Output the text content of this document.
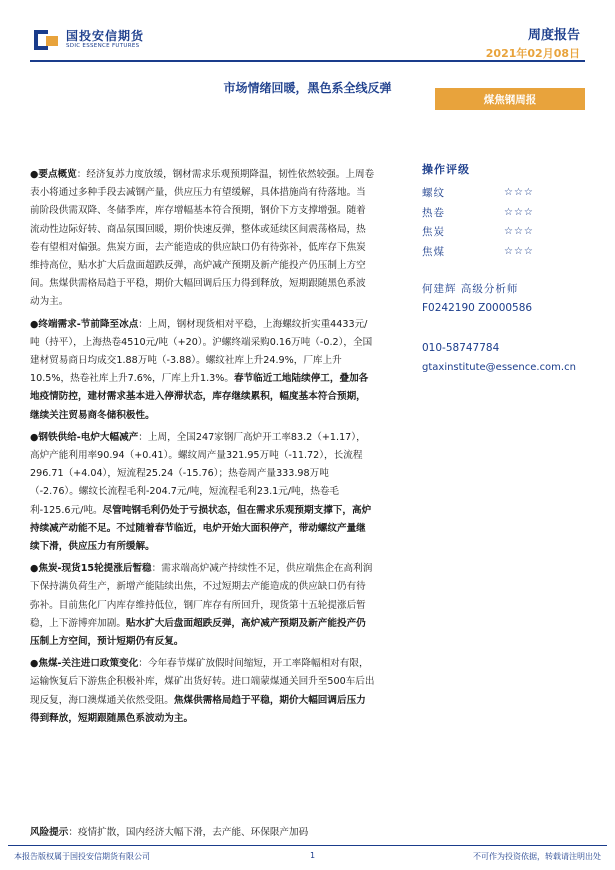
国投安信期货
SDIC ESSENCE FUTURES
周度报告
2021年02月08日
市场情绪回暖，黑色系全线反弹
煤焦钢周报
●要点概览：经济复苏力度放缓，钢材需求乐观预期降温，韧性依然较强。上周卷表小将通过多种手段去减钢产量，供应压力有望缓解，具体措施尚有待落地。当前阶段供需双降、冬储季库，库存增幅基本符合预期，钢价下方支撑增强。随着流动性边际好转、商品氛围回暖，期价快速反弹，整体或延续区间震荡格局，热卷有望相对偏强。焦炭方面，去产能造成的供应缺口仍有待弥补，低库存下焦炭维持高位，贴水扩大后盘面超跌反弹，高炉减产预期及新产能投产仍压制上方空间。焦煤供需格局趋于平稳，期价大幅回调后压力得到释放，短期跟随黑色系波动为主。
●终端需求-节前降至冰点：上周，钢材现货相对平稳，上海螺纹折实重4433元/吨（持平），上海热卷4510元/吨（+20）。沪螺终端采购0.16万吨（-0.2），全国建材贸易商日均成交1.88万吨（-3.88）。螺纹社库上升24.9%，厂库上升10.5%，热卷社库上升7.6%，厂库上升1.3%。春节临近工地陆续停工，叠加各地疫情防控，建材需求基本进入停滞状态，库存继续累积，幅度基本符合预期，继续关注贸易商冬储积极性。
●钢铁供给-电炉大幅减产：上周，全国247家钢厂高炉开工率83.2（+1.17），高炉产能利用率90.94（+0.41）。螺纹周产量321.95万吨（-11.72），长流程296.71（+4.04），短流程25.24（-15.76）；热卷周产量333.98万吨（-2.76）。螺纹长流程毛利-204.7元/吨，短流程毛利23.1元/吨，热卷毛利-125.6元/吨。尽管吨钢毛利仍处于亏损状态，但在需求乐观预期支撑下，高炉持续减产动能不足。不过随着春节临近，电炉开始大面积停产，带动螺纹产量继续下滑，供应压力有所缓解。
●焦炭-现货15轮提涨后暂稳：需求端高炉减产持续性不足，供应端焦企在高利润下保持满负荷生产，新增产能陆续出焦，不过短期去产能造成的供应缺口仍有待弥补。目前焦化厂内库存维持低位，钢厂库存有所回升，现货第十五轮提涨后暂稳，上下游博弈加剧。贴水扩大后盘面超跌反弹，高炉减产预期及新产能投产仍压制上方空间，预计短期仍有反复。
●焦煤-关注进口政策变化：今年春节煤矿放假时间缩短，开工率降幅相对有限，运输恢复后下游焦企积极补库，煤矿出货好转。进口端蒙煤通关回升至500车后出现反复，海口澳煤通关依然受阻。焦煤供需格局趋于平稳，期价大幅回调后压力得到释放，短期跟随黑色系波动为主。
操作评级
螺纹	☆☆☆
热卷	☆☆☆
焦炭	☆☆☆
焦煤	☆☆☆
何建辉 高级分析师
F0242190 Z0000586
010-58747784
gtaxinstitute@essence.com.cn
风险提示：疫情扩散，国内经济大幅下滑，去产能、环保限产加码
本报告版权属于国投安信期货有限公司	1	不可作为投资依据，转载请注明出处
